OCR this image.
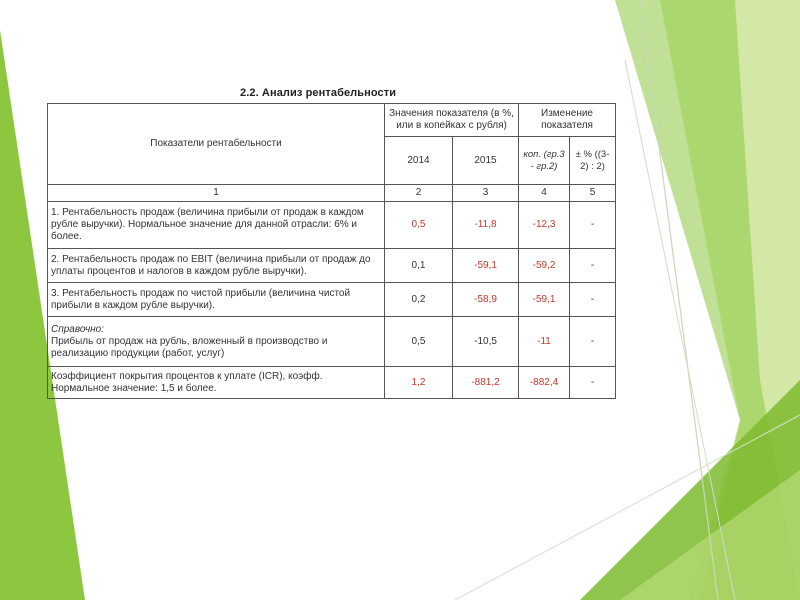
2.2. Анализ рентабельности
Показатели рентабельности	Значения показателя (в %, или в копейках с рубля)		Изменение показателя	
	2014	2015	коп. (гр.3 - гр.2)	± % ((3-2) : 2)
1	2	3	4	5
1. Рентабельность продаж (величина прибыли от продаж в каждом рубле выручки). Нормальное значение для данной отрасли: 6% и более.	0,5	-11,8	-12,3	-
2. Рентабельность продаж по EBIT (величина прибыли от продаж до уплаты процентов и налогов в каждом рубле выручки).	0,1	-59,1	-59,2	-
3. Рентабельность продаж по чистой прибыли (величина чистой прибыли в каждом рубле выручки).	0,2	-58,9	-59,1	-

Справочно:
Прибыль от продаж на рубль, вложенный в производство и реализацию продукции (работ, услуг)	0,5	-10,5	-11	-
Коэффициент покрытия процентов к уплате (ICR), коэфф. Нормальное значение: 1,5 и более.	1,2	-881,2	-882,4	-
